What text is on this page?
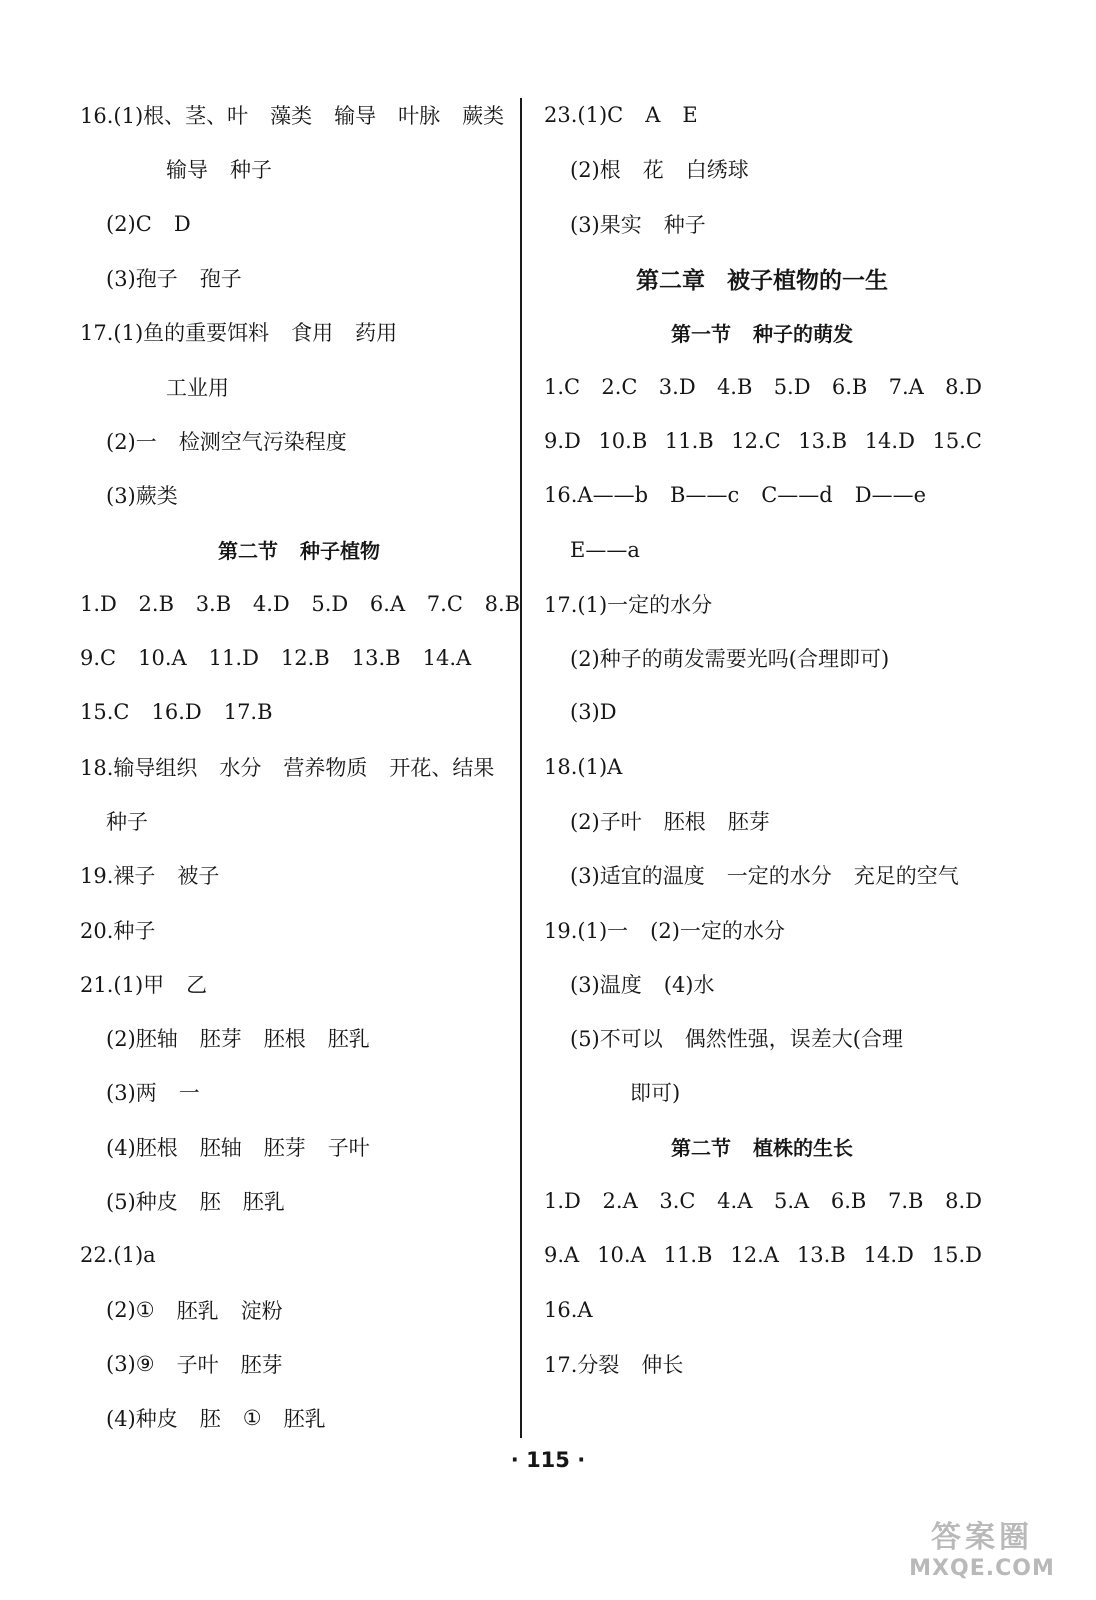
16.(1)根、茎、叶 藻类 输导 叶脉 蕨类
输导 种子
(2)C D
(3)孢子 孢子
17.(1)鱼的重要饵料 食用 药用
工业用
(2)一 检测空气污染程度
(3)蕨类
第二节 种子植物
1.D 2.B 3.B 4.D 5.D 6.A 7.C 8.B
9.C 10.A 11.D 12.B 13.B 14.A
15.C 16.D 17.B
18.输导组织 水分 营养物质 开花、结果
种子
19.裸子 被子
20.种子
21.(1)甲 乙
(2)胚轴 胚芽 胚根 胚乳
(3)两 一
(4)胚根 胚轴 胚芽 子叶
(5)种皮 胚 胚乳
22.(1)a
(2)① 胚乳 淀粉
(3)⑨ 子叶 胚芽
(4)种皮 胚 ① 胚乳
23.(1)C A E
(2)根 花 白绣球
(3)果实 种子
第二章 被子植物的一生
第一节 种子的萌发
1.C 2.C 3.D 4.B 5.D 6.B 7.A 8.D
9.D 10.B 11.B 12.C 13.B 14.D 15.C
16.A——b B——c C——d D——e
E——a
17.(1)一定的水分
(2)种子的萌发需要光吗(合理即可)
(3)D
18.(1)A
(2)子叶 胚根 胚芽
(3)适宜的温度 一定的水分 充足的空气
19.(1)一 (2)一定的水分
(3)温度 (4)水
(5)不可以 偶然性强，误差大(合理
即可)
第二节 植株的生长
1.D 2.A 3.C 4.A 5.A 6.B 7.B 8.D
9.A 10.A 11.B 12.A 13.B 14.D 15.D
16.A
17.分裂 伸长
· 115 ·
答案圈
MXQE.COM
